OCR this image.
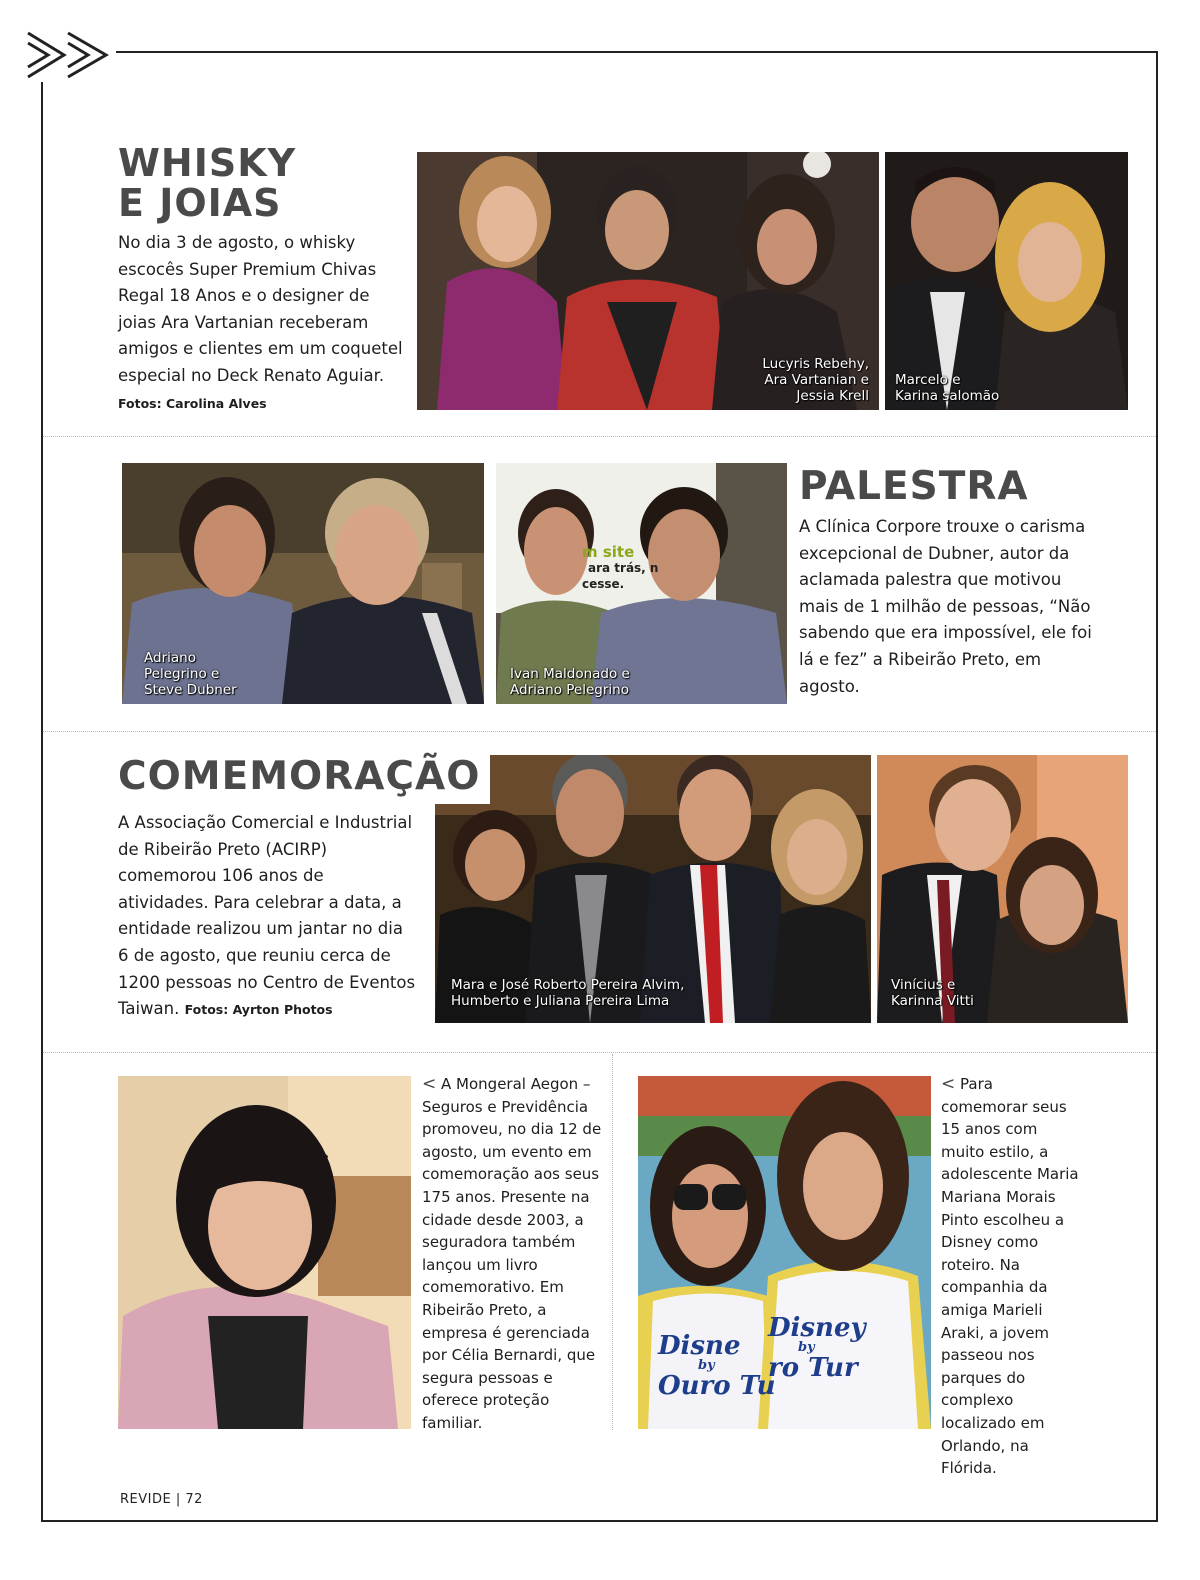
WHISKY
E JOIAS
No dia 3 de agosto, o whisky escocês Super Premium Chivas Regal 18 Anos e o designer de joias Ara Vartanian receberam amigos e clientes em um coquetel especial no Deck Renato Aguiar. Fotos: Carolina Alves
Lucyris Rebehy,
Ara Vartanian e
Jessia Krell
Marcelo e
Karina salomão
Adriano
Pelegrino e
Steve Dubner
m site
ara trás, n
cesse.
Ivan Maldonado e
Adriano Pelegrino
PALESTRA
A Clínica Corpore trouxe o carisma excepcional de Dubner, autor da aclamada palestra que motivou mais de 1 milhão de pessoas, “Não sabendo que era impossível, ele foi lá e fez” a Ribeirão Preto, em agosto.
COMEMORAÇÃO
A Associação Comercial e Industrial de Ribeirão Preto (ACIRP) comemorou 106 anos de atividades. Para celebrar a data, a entidade realizou um jantar no dia 6 de agosto, que reuniu cerca de 1200 pessoas no Centro de Eventos Taiwan. Fotos: Ayrton Photos
Mara e José Roberto Pereira Alvim,
Humberto e Juliana Pereira Lima
Vinícius e
Karinna Vitti
< A Mongeral Aegon – Seguros e Previdência promoveu, no dia 12 de agosto, um evento em comemoração aos seus 175 anos. Presente na cidade desde 2003, a seguradora também lançou um livro comemorativo. Em Ribeirão Preto, a empresa é gerenciada por Célia Bernardi, que segura pessoas e oferece proteção familiar.
Disne
by
Ouro Tu
Disney
by
ro Tur
< Para comemorar seus 15 anos com muito estilo, a adolescente Maria Mariana Morais Pinto escolheu a Disney como roteiro. Na companhia da amiga Marieli Araki, a jovem passeou nos parques do complexo localizado em Orlando, na Flórida.
REVIDE | 72
